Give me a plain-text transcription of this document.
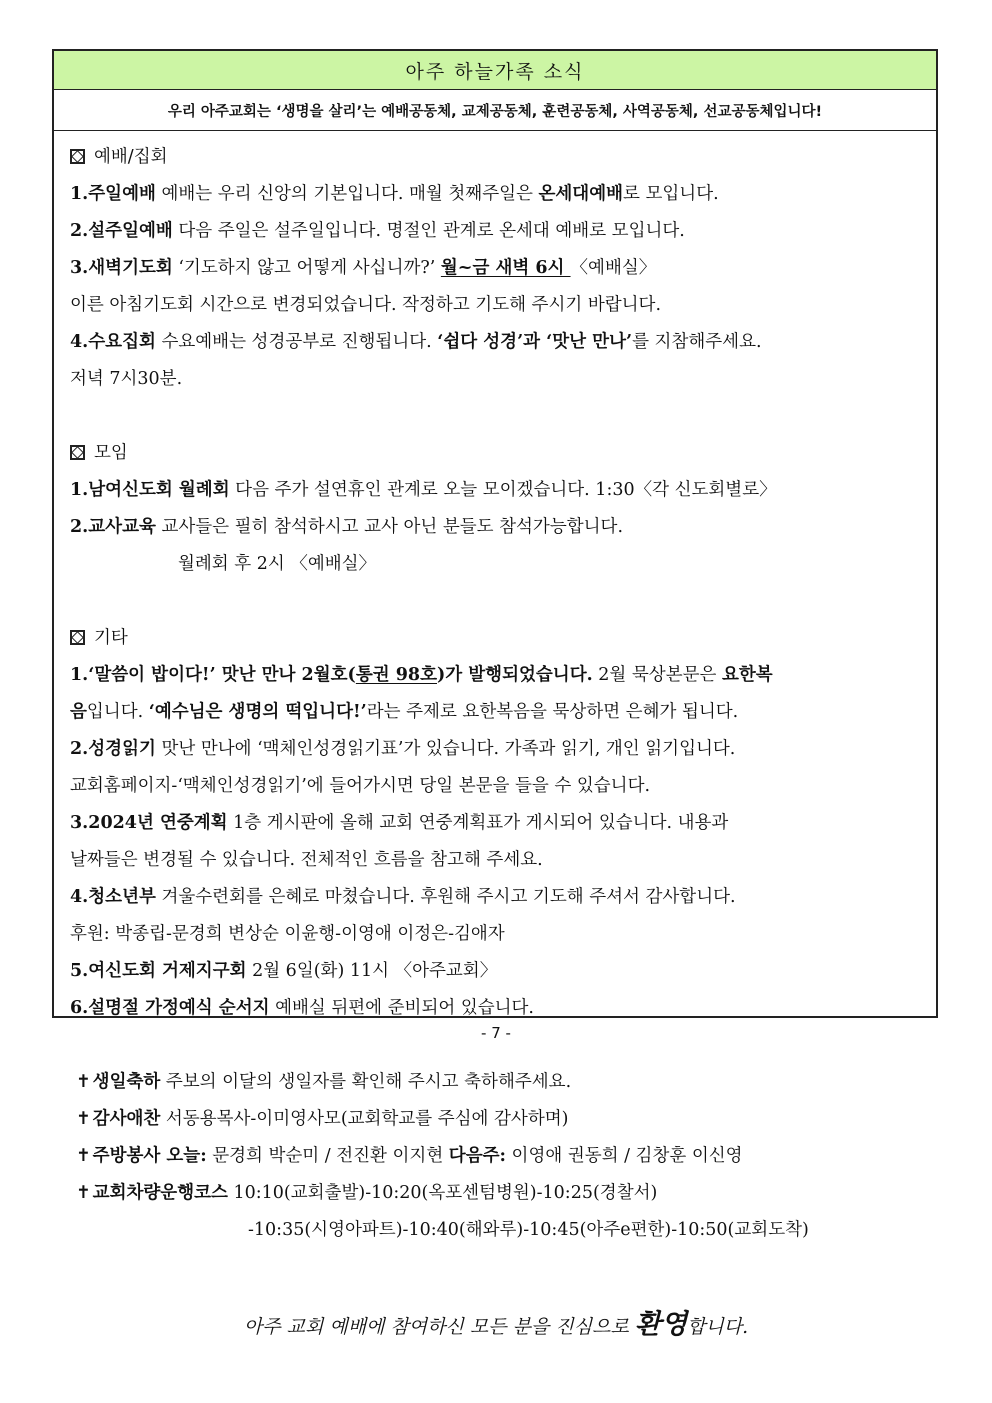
아주 하늘가족 소식
우리 아주교회는 ‘생명을 살리’는 예배공동체, 교제공동체, 훈련공동체, 사역공동체, 선교공동체입니다!
예배/집회
1.주일예배 예배는 우리 신앙의 기본입니다. 매월 첫째주일은 온세대예배로 모입니다.
2.설주일예배 다음 주일은 설주일입니다. 명절인 관계로 온세대 예배로 모입니다.
3.새벽기도회 ‘기도하지 않고 어떻게 사십니까?’ 월~금 새벽 6시 〈예배실〉
이른 아침기도회 시간으로 변경되었습니다. 작정하고 기도해 주시기 바랍니다.
4.수요집회 수요예배는 성경공부로 진행됩니다. ‘쉽다 성경’과 ‘맛난 만나’를 지참해주세요.
저녁 7시30분.
모임
1.남여신도회 월례회 다음 주가 설연휴인 관계로 오늘 모이겠습니다. 1:30〈각 신도회별로〉
2.교사교육 교사들은 필히 참석하시고 교사 아닌 분들도 참석가능합니다.
월례회 후 2시 〈예배실〉
기타
1.‘말씀이 밥이다!’ 맛난 만나 2월호(통권 98호)가 발행되었습니다. 2월 묵상본문은 요한복
음입니다. ‘예수님은 생명의 떡입니다!’라는 주제로 요한복음을 묵상하면 은혜가 됩니다.
2.성경읽기 맛난 만나에 ‘맥체인성경읽기표’가 있습니다. 가족과 읽기, 개인 읽기입니다.
교회홈페이지-‘맥체인성경읽기’에 들어가시면 당일 본문을 들을 수 있습니다.
3.2024년 연중계획 1층 게시판에 올해 교회 연중계획표가 게시되어 있습니다. 내용과
날짜들은 변경될 수 있습니다. 전체적인 흐름을 참고해 주세요.
4.청소년부 겨울수련회를 은혜로 마쳤습니다. 후원해 주시고 기도해 주셔서 감사합니다.
후원: 박종립-문경희 변상순 이윤행-이영애 이정은-김애자
5.여신도회 거제지구회 2월 6일(화) 11시 〈아주교회〉
6.설명절 가정예식 순서지 예배실 뒤편에 준비되어 있습니다.
✝ 생일축하 주보의 이달의 생일자를 확인해 주시고 축하해주세요.
✝ 감사애찬 서동용목사-이미영사모(교회학교를 주심에 감사하며)
✝ 주방봉사 오늘: 문경희 박순미 / 전진환 이지현 다음주: 이영애 권동희 / 김창훈 이신영
✝ 교회차량운행코스 10:10(교회출발)-10:20(옥포센텀병원)-10:25(경찰서)
-10:35(시영아파트)-10:40(해와루)-10:45(아주e편한)-10:50(교회도착)
아주 교회 예배에 참여하신 모든 분을 진심으로 환영합니다.
- 7 -
